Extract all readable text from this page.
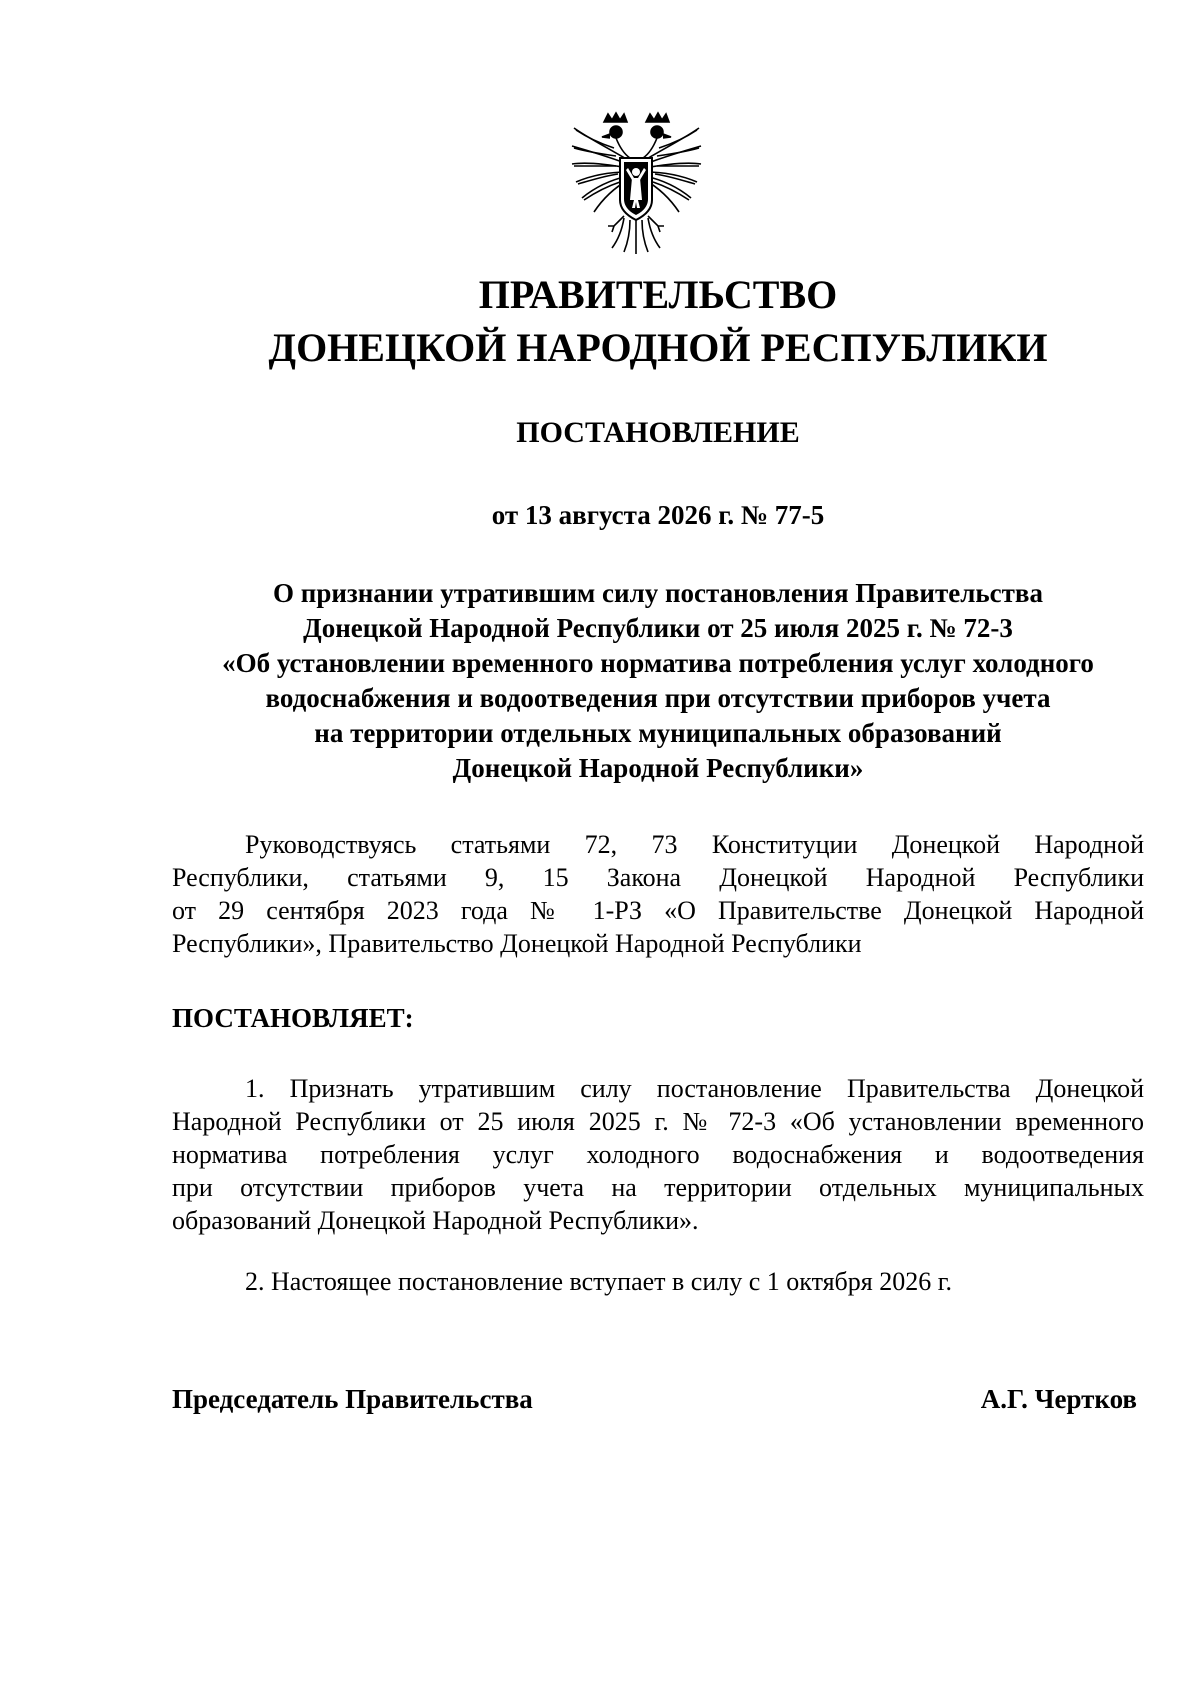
ПРАВИТЕЛЬСТВО
ДОНЕЦКОЙ НАРОДНОЙ РЕСПУБЛИКИ
ПОСТАНОВЛЕНИЕ
от 13 августа 2026 г. № 77-5
О признании утратившим силу постановления Правительства
Донецкой Народной Республики от 25 июля 2025 г. № 72-3
«Об установлении временного норматива потребления услуг холодного
водоснабжения и водоотведения при отсутствии приборов учета
на территории отдельных муниципальных образований
Донецкой Народной Республики»
Руководствуясь статьями 72, 73 Конституции Донецкой Народной
Республики, статьями 9, 15 Закона Донецкой Народной Республики
от 29 сентября 2023 года № 1-РЗ «О Правительстве Донецкой Народной
Республики», Правительство Донецкой Народной Республики
ПОСТАНОВЛЯЕТ:
1. Признать утратившим силу постановление Правительства Донецкой
Народной Республики от 25 июля 2025 г. № 72-3 «Об установлении временного
норматива потребления услуг холодного водоснабжения и водоотведения
при отсутствии приборов учета на территории отдельных муниципальных
образований Донецкой Народной Республики».
2. Настоящее постановление вступает в силу с 1 октября 2026 г.
Председатель Правительства	А.Г. Чертков
